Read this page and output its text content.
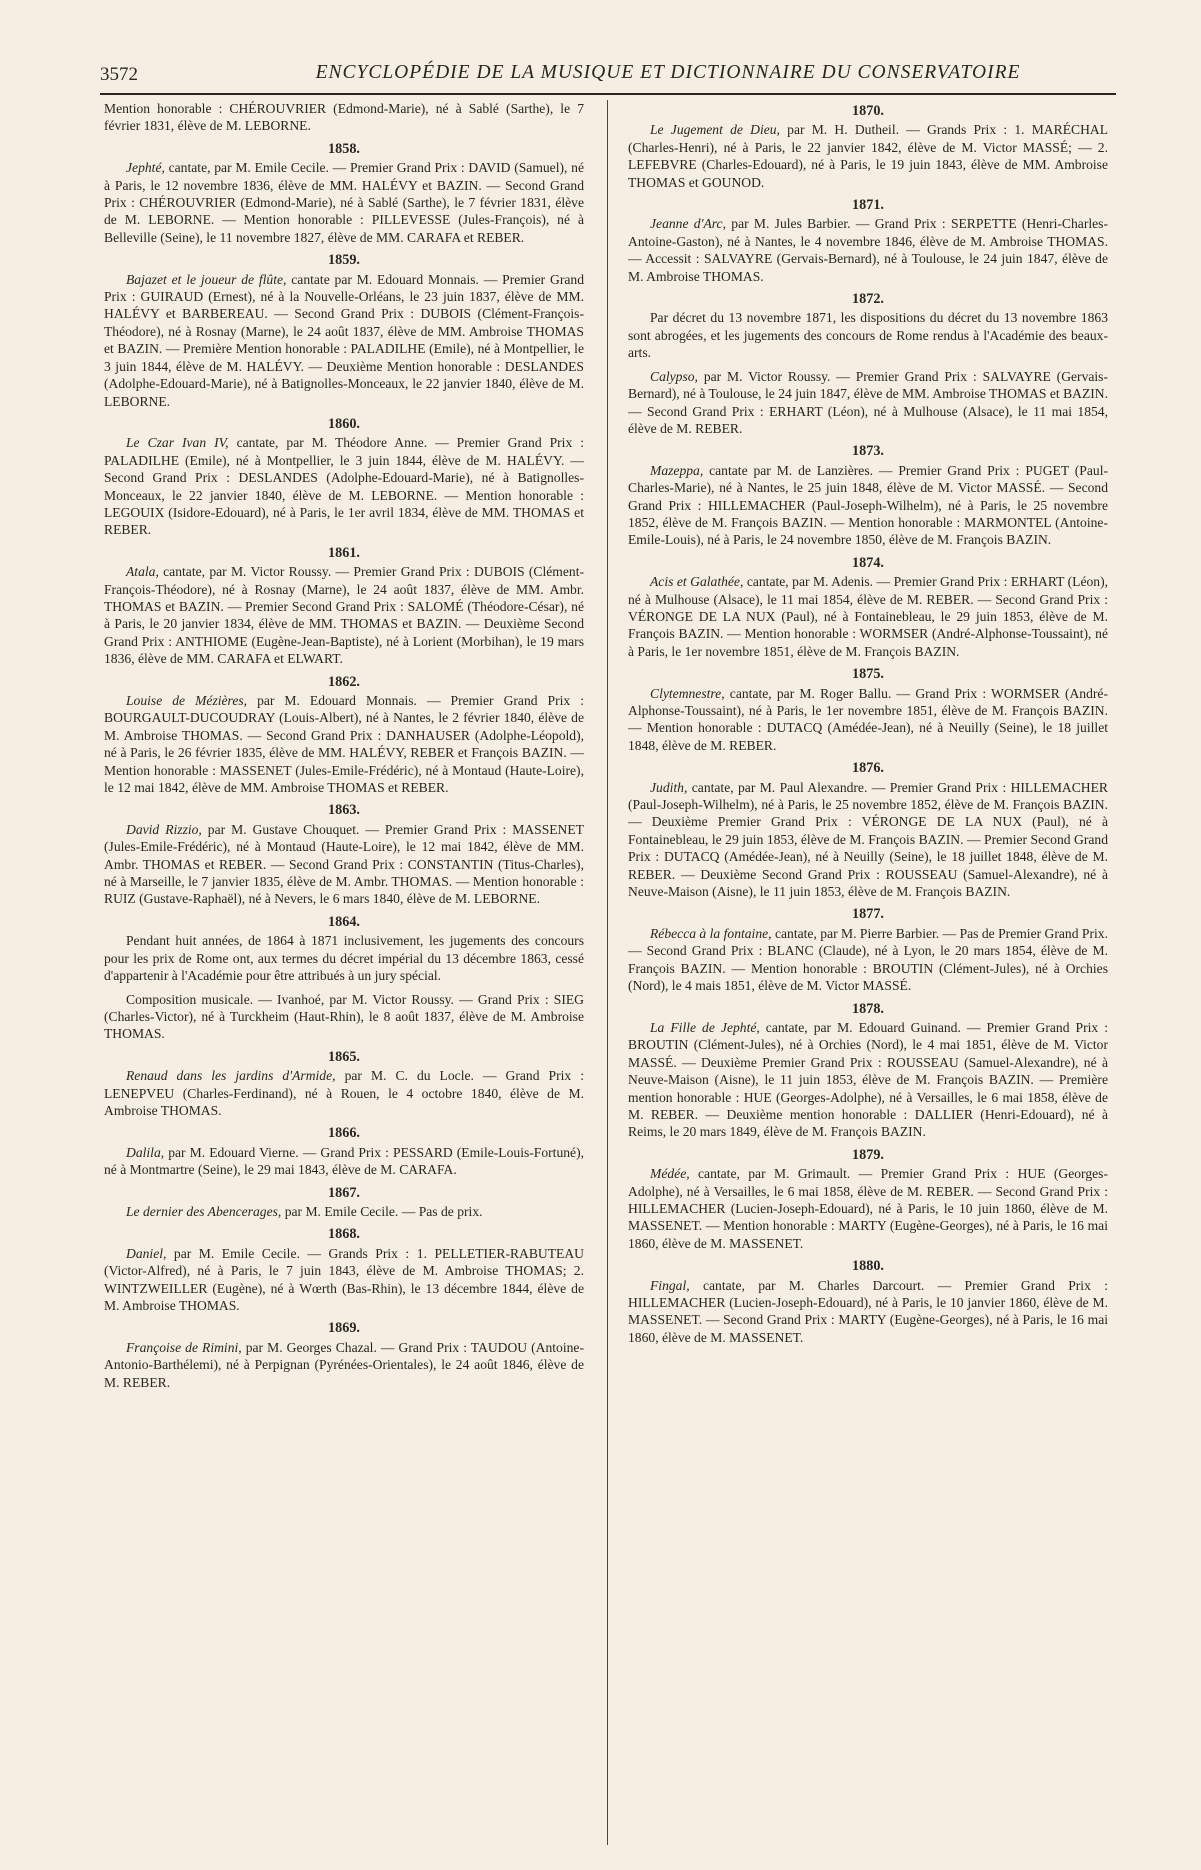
3572	ENCYCLOPÉDIE DE LA MUSIQUE ET DICTIONNAIRE DU CONSERVATOIRE

Mention honorable : CHÉROUVRIER (Edmond-Marie), né à Sablé (Sarthe), le 7 février 1831, élève de M. LEBORNE.

1858.

Jephté, cantate, par M. Emile Cecile. — Premier Grand Prix : DAVID (Samuel), né à Paris, le 12 novembre 1836, élève de MM. HALÉVY et BAZIN. — Second Grand Prix : CHÉROUVRIER (Edmond-Marie), né à Sablé (Sarthe), le 7 février 1831, élève de M. LEBORNE. — Mention honorable : PILLEVESSE (Jules-François), né à Belleville (Seine), le 11 novembre 1827, élève de MM. CARAFA et REBER.

1859.

Bajazet et le joueur de flûte, cantate par M. Edouard Monnais. — Premier Grand Prix : GUIRAUD (Ernest), né à la Nouvelle-Orléans, le 23 juin 1837, élève de MM. HALÉVY et BARBEREAU. — Second Grand Prix : DUBOIS (Clément-François-Théodore), né à Rosnay (Marne), le 24 août 1837, élève de MM. Ambroise THOMAS et BAZIN. — Première Mention honorable : PALADILHE (Emile), né à Montpellier, le 3 juin 1844, élève de M. HALÉVY. — Deuxième Mention honorable : DESLANDES (Adolphe-Edouard-Marie), né à Batignolles-Monceaux, le 22 janvier 1840, élève de M. LEBORNE.

1860.

Le Czar Ivan IV, cantate, par M. Théodore Anne. — Premier Grand Prix : PALADILHE (Emile), né à Montpellier, le 3 juin 1844, élève de M. HALÉVY. — Second Grand Prix : DESLANDES (Adolphe-Edouard-Marie), né à Batignolles-Monceaux, le 22 janvier 1840, élève de M. LEBORNE. — Mention honorable : LEGOUIX (Isidore-Edouard), né à Paris, le 1er avril 1834, élève de MM. THOMAS et REBER.

1861.

Atala, cantate, par M. Victor Roussy. — Premier Grand Prix : DUBOIS (Clément-François-Théodore), né à Rosnay (Marne), le 24 août 1837, élève de MM. Ambr. THOMAS et BAZIN. — Premier Second Grand Prix : SALOMÉ (Théodore-César), né à Paris, le 20 janvier 1834, élève de MM. THOMAS et BAZIN. — Deuxième Second Grand Prix : ANTHIOME (Eugène-Jean-Baptiste), né à Lorient (Morbihan), le 19 mars 1836, élève de MM. CARAFA et ELWART.

1862.

Louise de Mézières, par M. Edouard Monnais. — Premier Grand Prix : BOURGAULT-DUCOUDRAY (Louis-Albert), né à Nantes, le 2 février 1840, élève de M. Ambroise THOMAS. — Second Grand Prix : DANHAUSER (Adolphe-Léopold), né à Paris, le 26 février 1835, élève de MM. HALÉVY, REBER et François BAZIN. — Mention honorable : MASSENET (Jules-Emile-Frédéric), né à Montaud (Haute-Loire), le 12 mai 1842, élève de MM. Ambroise THOMAS et REBER.

1863.

David Rizzio, par M. Gustave Chouquet. — Premier Grand Prix : MASSENET (Jules-Emile-Frédéric), né à Montaud (Haute-Loire), le 12 mai 1842, élève de MM. Ambr. THOMAS et REBER. — Second Grand Prix : CONSTANTIN (Titus-Charles), né à Marseille, le 7 janvier 1835, élève de M. Ambr. THOMAS. — Mention honorable : RUIZ (Gustave-Raphaël), né à Nevers, le 6 mars 1840, élève de M. LEBORNE.

1864.

Pendant huit années, de 1864 à 1871 inclusivement, les jugements des concours pour les prix de Rome ont, aux termes du décret impérial du 13 décembre 1863, cessé d'appartenir à l'Académie pour être attribués à un jury spécial.

Composition musicale. — Ivanhoé, par M. Victor Roussy. — Grand Prix : SIEG (Charles-Victor), né à Turckheim (Haut-Rhin), le 8 août 1837, élève de M. Ambroise THOMAS.

1865.

Renaud dans les jardins d'Armide, par M. C. du Locle. — Grand Prix : LENEPVEU (Charles-Ferdinand), né à Rouen, le 4 octobre 1840, élève de M. Ambroise THOMAS.

1866.

Dalila, par M. Edouard Vierne. — Grand Prix : PESSARD (Emile-Louis-Fortuné), né à Montmartre (Seine), le 29 mai 1843, élève de M. CARAFA.

1867.

Le dernier des Abencerages, par M. Emile Cecile. — Pas de prix.

1868.

Daniel, par M. Emile Cecile. — Grands Prix : 1. PELLETIER-RABUTEAU (Victor-Alfred), né à Paris, le 7 juin 1843, élève de M. Ambroise THOMAS; 2. WINTZWEILLER (Eugène), né à Wœrth (Bas-Rhin), le 13 décembre 1844, élève de M. Ambroise THOMAS.

1869.

Françoise de Rimini, par M. Georges Chazal. — Grand Prix : TAUDOU (Antoine-Antonio-Barthélemi), né à Perpignan (Pyrénées-Orientales), le 24 août 1846, élève de M. REBER.

1870.

Le Jugement de Dieu, par M. H. Dutheil. — Grands Prix : 1. MARÉCHAL (Charles-Henri), né à Paris, le 22 janvier 1842, élève de M. Victor MASSÉ; — 2. LEFEBVRE (Charles-Edouard), né à Paris, le 19 juin 1843, élève de MM. Ambroise THOMAS et GOUNOD.

1871.

Jeanne d'Arc, par M. Jules Barbier. — Grand Prix : SERPETTE (Henri-Charles-Antoine-Gaston), né à Nantes, le 4 novembre 1846, élève de M. Ambroise THOMAS. — Accessit : SALVAYRE (Gervais-Bernard), né à Toulouse, le 24 juin 1847, élève de M. Ambroise THOMAS.

1872.

Par décret du 13 novembre 1871, les dispositions du décret du 13 novembre 1863 sont abrogées, et les jugements des concours de Rome rendus à l'Académie des beaux-arts.

Calypso, par M. Victor Roussy. — Premier Grand Prix : SALVAYRE (Gervais-Bernard), né à Toulouse, le 24 juin 1847, élève de MM. Ambroise THOMAS et BAZIN. — Second Grand Prix : ERHART (Léon), né à Mulhouse (Alsace), le 11 mai 1854, élève de M. REBER.

1873.

Mazeppa, cantate par M. de Lanzières. — Premier Grand Prix : PUGET (Paul-Charles-Marie), né à Nantes, le 25 juin 1848, élève de M. Victor MASSÉ. — Second Grand Prix : HILLEMACHER (Paul-Joseph-Wilhelm), né à Paris, le 25 novembre 1852, élève de M. François BAZIN. — Mention honorable : MARMONTEL (Antoine-Emile-Louis), né à Paris, le 24 novembre 1850, élève de M. François BAZIN.

1874.

Acis et Galathée, cantate, par M. Adenis. — Premier Grand Prix : ERHART (Léon), né à Mulhouse (Alsace), le 11 mai 1854, élève de M. REBER. — Second Grand Prix : VÉRONGE DE LA NUX (Paul), né à Fontainebleau, le 29 juin 1853, élève de M. François BAZIN. — Mention honorable : WORMSER (André-Alphonse-Toussaint), né à Paris, le 1er novembre 1851, élève de M. François BAZIN.

1875.

Clytemnestre, cantate, par M. Roger Ballu. — Grand Prix : WORMSER (André-Alphonse-Toussaint), né à Paris, le 1er novembre 1851, élève de M. François BAZIN. — Mention honorable : DUTACQ (Amédée-Jean), né à Neuilly (Seine), le 18 juillet 1848, élève de M. REBER.

1876.

Judith, cantate, par M. Paul Alexandre. — Premier Grand Prix : HILLEMACHER (Paul-Joseph-Wilhelm), né à Paris, le 25 novembre 1852, élève de M. François BAZIN. — Deuxième Premier Grand Prix : VÉRONGE DE LA NUX (Paul), né à Fontainebleau, le 29 juin 1853, élève de M. François BAZIN. — Premier Second Grand Prix : DUTACQ (Amédée-Jean), né à Neuilly (Seine), le 18 juillet 1848, élève de M. REBER. — Deuxième Second Grand Prix : ROUSSEAU (Samuel-Alexandre), né à Neuve-Maison (Aisne), le 11 juin 1853, élève de M. François BAZIN.

1877.

Rébecca à la fontaine, cantate, par M. Pierre Barbier. — Pas de Premier Grand Prix. — Second Grand Prix : BLANC (Claude), né à Lyon, le 20 mars 1854, élève de M. François BAZIN. — Mention honorable : BROUTIN (Clément-Jules), né à Orchies (Nord), le 4 mais 1851, élève de M. Victor MASSÉ.

1878.

La Fille de Jephté, cantate, par M. Edouard Guinand. — Premier Grand Prix : BROUTIN (Clément-Jules), né à Orchies (Nord), le 4 mai 1851, élève de M. Victor MASSÉ. — Deuxième Premier Grand Prix : ROUSSEAU (Samuel-Alexandre), né à Neuve-Maison (Aisne), le 11 juin 1853, élève de M. François BAZIN. — Première mention honorable : HUE (Georges-Adolphe), né à Versailles, le 6 mai 1858, élève de M. REBER. — Deuxième mention honorable : DALLIER (Henri-Edouard), né à Reims, le 20 mars 1849, élève de M. François BAZIN.

1879.

Médée, cantate, par M. Grimault. — Premier Grand Prix : HUE (Georges-Adolphe), né à Versailles, le 6 mai 1858, élève de M. REBER. — Second Grand Prix : HILLEMACHER (Lucien-Joseph-Edouard), né à Paris, le 10 juin 1860, élève de M. MASSENET. — Mention honorable : MARTY (Eugène-Georges), né à Paris, le 16 mai 1860, élève de M. MASSENET.

1880.

Fingal, cantate, par M. Charles Darcourt. — Premier Grand Prix : HILLEMACHER (Lucien-Joseph-Edouard), né à Paris, le 10 janvier 1860, élève de M. MASSENET. — Second Grand Prix : MARTY (Eugène-Georges), né à Paris, le 16 mai 1860, élève de M. MASSENET.
